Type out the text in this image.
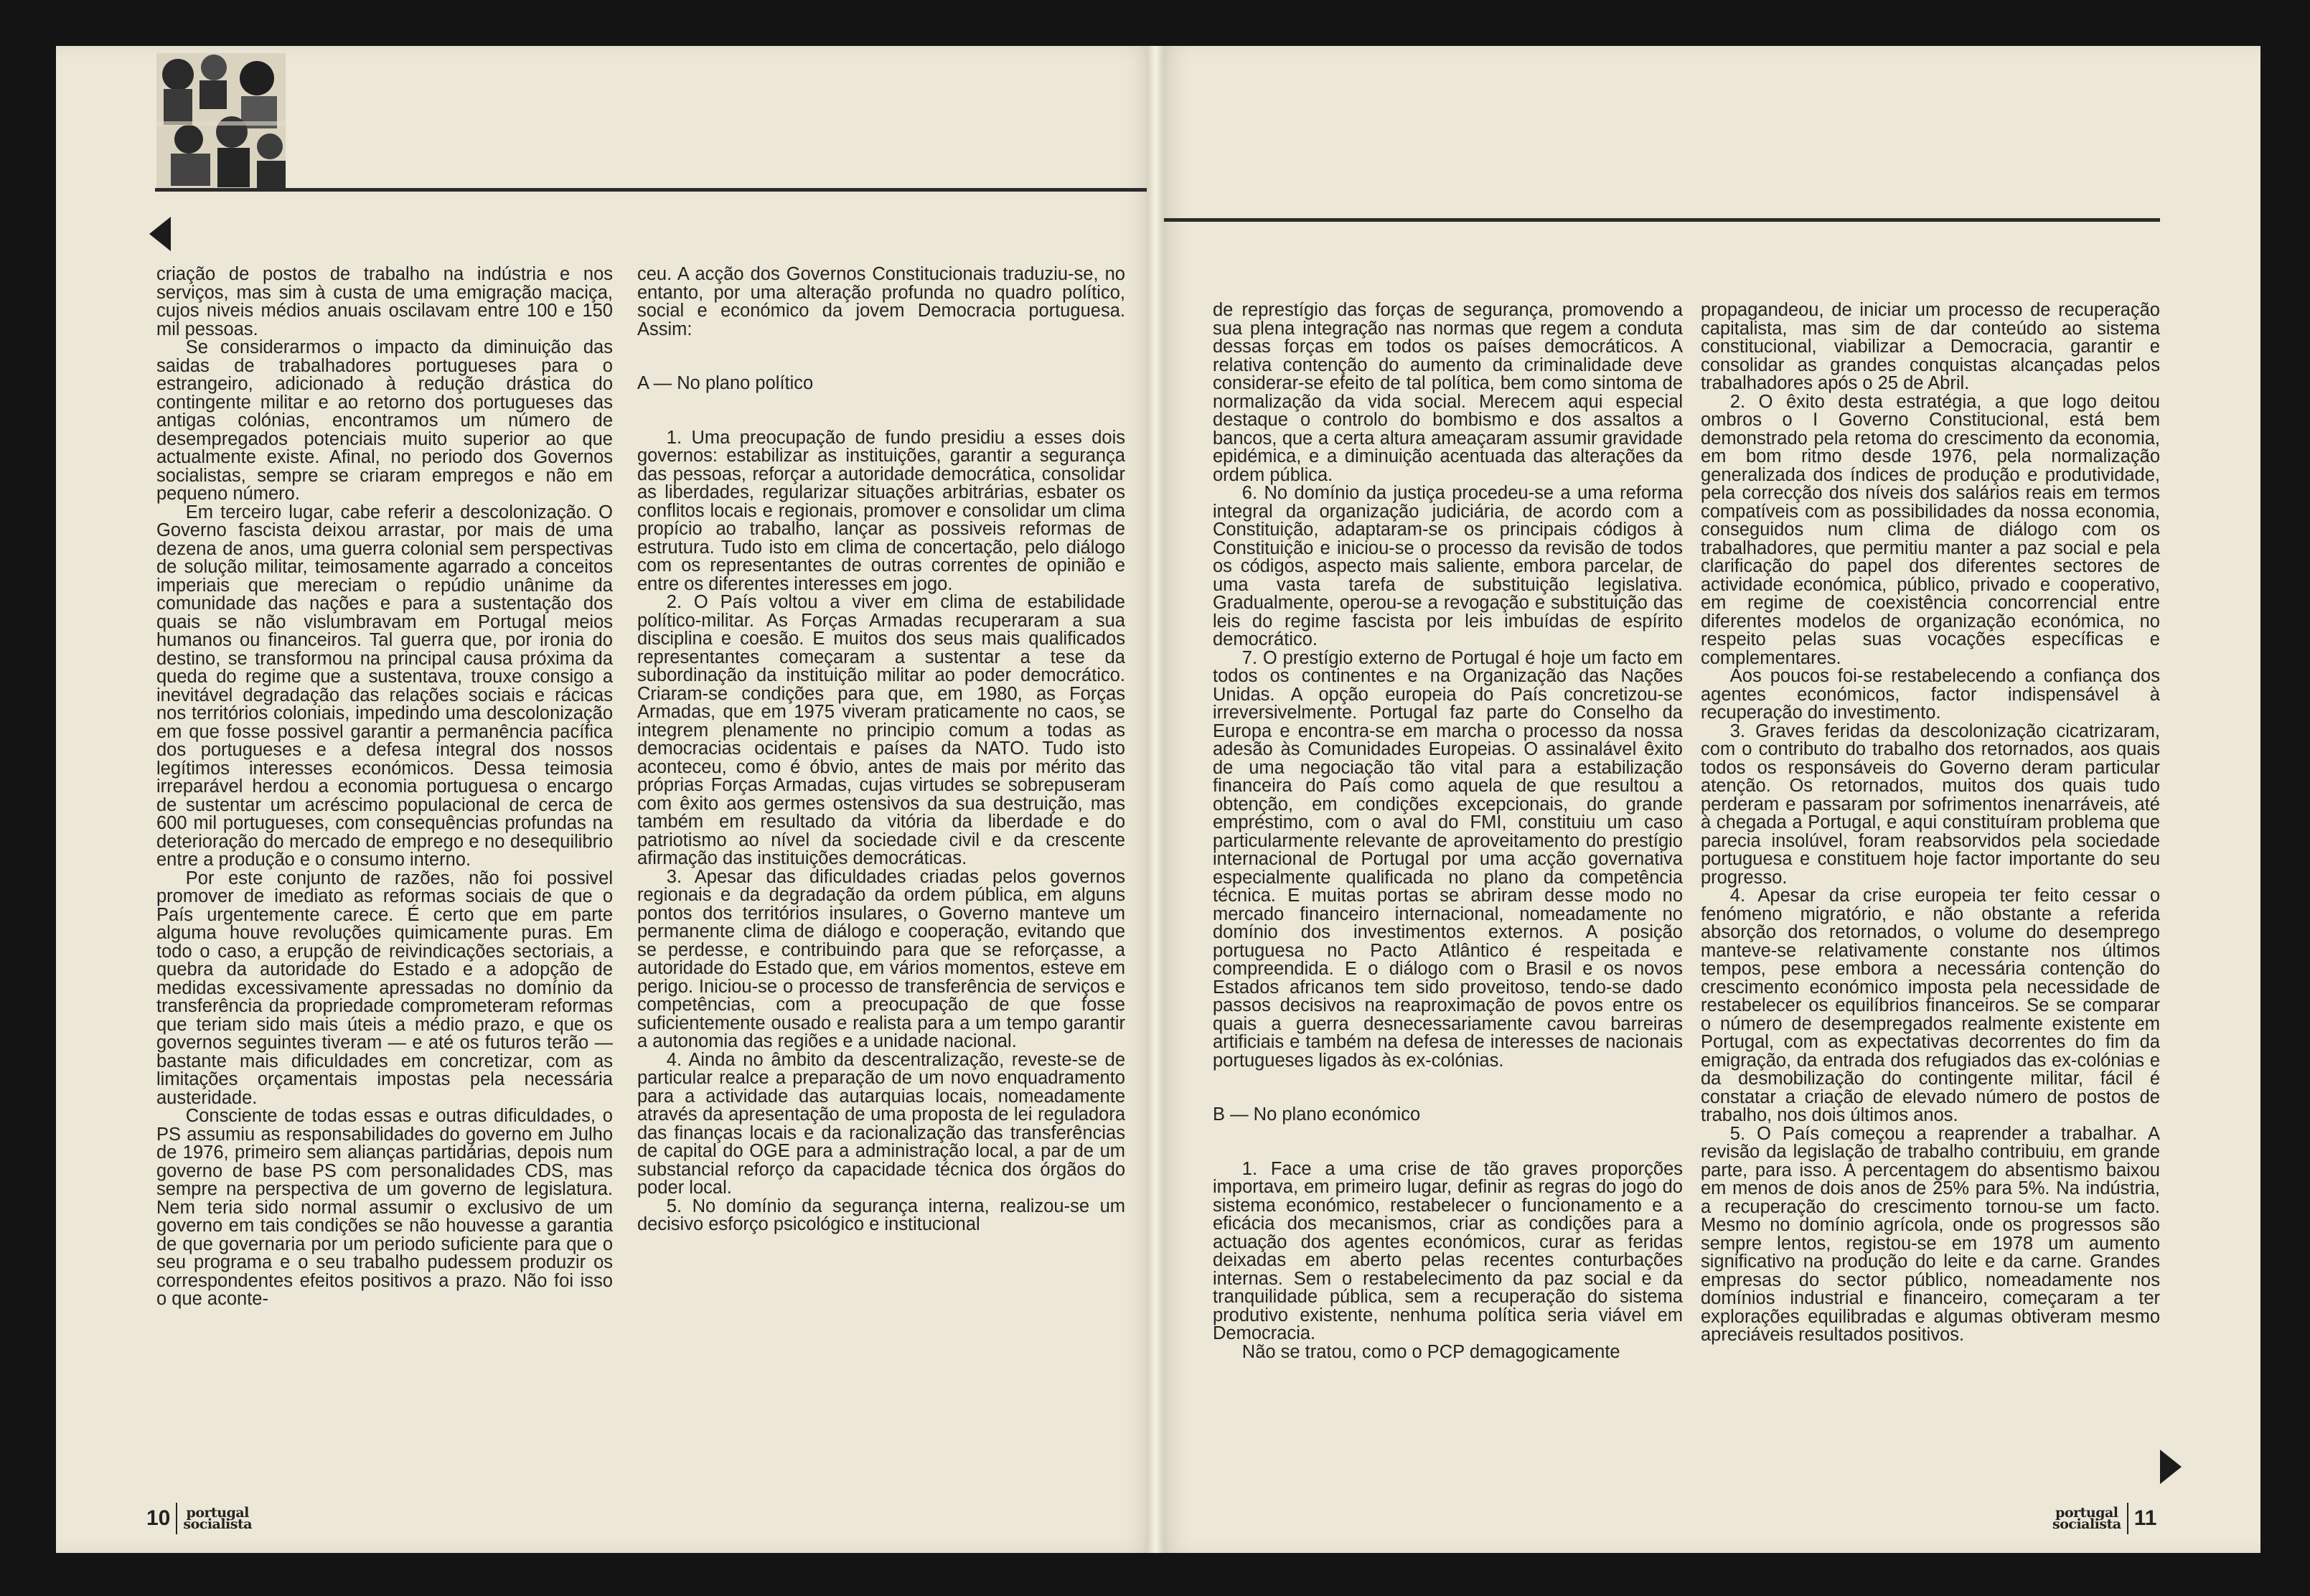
criação de postos de trabalho na indústria e nos serviços, mas sim à custa de uma emigração maciça, cujos niveis médios anuais oscilavam entre 100 e 150 mil pessoas.

Se considerarmos o impacto da diminuição das saidas de trabalhadores portugueses para o estrangeiro, adicionado à redução drástica do contingente militar e ao retorno dos portugueses das antigas colónias, encontramos um número de desempregados potenciais muito superior ao que actualmente existe. Afinal, no periodo dos Governos socialistas, sempre se criaram empregos e não em pequeno número.

Em terceiro lugar, cabe referir a descolonização. O Governo fascista deixou arrastar, por mais de uma dezena de anos, uma guerra colonial sem perspectivas de solução militar, teimosamente agarrado a conceitos imperiais que mereciam o repúdio unânime da comunidade das nações e para a sustentação dos quais se não vislumbravam em Portugal meios humanos ou financeiros. Tal guerra que, por ironia do destino, se transformou na principal causa próxima da queda do regime que a sustentava, trouxe consigo a inevitável degradação das relações sociais e rácicas nos territórios coloniais, impedindo uma descolonização em que fosse possivel garantir a permanência pacífica dos portugueses e a defesa integral dos nossos legítimos interesses económicos. Dessa teimosia irreparável herdou a economia portuguesa o encargo de sustentar um acréscimo populacional de cerca de 600 mil portugueses, com consequências profundas na deterioração do mercado de emprego e no desequilibrio entre a produção e o consumo interno.

Por este conjunto de razões, não foi possivel promover de imediato as reformas sociais de que o País urgentemente carece. É certo que em parte alguma houve revoluções quimicamente puras. Em todo o caso, a erupção de reivindicações sectoriais, a quebra da autoridade do Estado e a adopção de medidas excessivamente apressadas no domínio da transferência da propriedade comprometeram reformas que teriam sido mais úteis a médio prazo, e que os governos seguintes tiveram — e até os futuros terão — bastante mais dificuldades em concretizar, com as limitações orçamentais impostas pela necessária austeridade.

Consciente de todas essas e outras dificuldades, o PS assumiu as responsabilidades do governo em Julho de 1976, primeiro sem alianças partidárias, depois num governo de base PS com personalidades CDS, mas sempre na perspectiva de um governo de legislatura. Nem teria sido normal assumir o exclusivo de um governo em tais condições se não houvesse a garantia de que governaria por um periodo suficiente para que o seu programa e o seu trabalho pudessem produzir os correspondentes efeitos positivos a prazo. Não foi isso o que aconte-

ceu. A acção dos Governos Constitucionais traduziu-se, no entanto, por uma alteração profunda no quadro político, social e económico da jovem Democracia portuguesa. Assim:

A — No plano político

1. Uma preocupação de fundo presidiu a esses dois governos: estabilizar as instituições, garantir a segurança das pessoas, reforçar a autoridade democrática, consolidar as liberdades, regularizar situações arbitrárias, esbater os conflitos locais e regionais, promover e consolidar um clima propício ao trabalho, lançar as possiveis reformas de estrutura. Tudo isto em clima de concertação, pelo diálogo com os representantes de outras correntes de opinião e entre os diferentes interesses em jogo.

2. O País voltou a viver em clima de estabilidade político-militar. As Forças Armadas recuperaram a sua disciplina e coesão. E muitos dos seus mais qualificados representantes começaram a sustentar a tese da subordinação da instituição militar ao poder democrático. Criaram-se condições para que, em 1980, as Forças Armadas, que em 1975 viveram praticamente no caos, se integrem plenamente no principio comum a todas as democracias ocidentais e países da NATO. Tudo isto aconteceu, como é óbvio, antes de mais por mérito das próprias Forças Armadas, cujas virtudes se sobrepuseram com êxito aos germes ostensivos da sua destruição, mas também em resultado da vitória da liberdade e do patriotismo ao nível da sociedade civil e da crescente afirmação das instituições democráticas.

3. Apesar das dificuldades criadas pelos governos regionais e da degradação da ordem pública, em alguns pontos dos territórios insulares, o Governo manteve um permanente clima de diálogo e cooperação, evitando que se perdesse, e contribuindo para que se reforçasse, a autoridade do Estado que, em vários momentos, esteve em perigo. Iniciou-se o processo de transferência de serviços e competências, com a preocupação de que fosse suficientemente ousado e realista para a um tempo garantir a autonomia das regiões e a unidade nacional.

4. Ainda no âmbito da descentralização, reveste-se de particular realce a preparação de um novo enquadramento para a actividade das autarquias locais, nomeadamente através da apresentação de uma proposta de lei reguladora das finanças locais e da racionalização das transferências de capital do OGE para a administração local, a par de um substancial reforço da capacidade técnica dos órgãos do poder local.

5. No domínio da segurança interna, realizou-se um decisivo esforço psicológico e institucional

10 portugal
socialista

de represtígio das forças de segurança, promovendo a sua plena integração nas normas que regem a conduta dessas forças em todos os países democráticos. A relativa contenção do aumento da criminalidade deve considerar-se efeito de tal política, bem como sintoma de normalização da vida social. Merecem aqui especial destaque o controlo do bombismo e dos assaltos a bancos, que a certa altura ameaçaram assumir gravidade epidémica, e a diminuição acentuada das alterações da ordem pública.

6. No domínio da justiça procedeu-se a uma reforma integral da organização judiciária, de acordo com a Constituição, adaptaram-se os principais códigos à Constituição e iniciou-se o processo da revisão de todos os códigos, aspecto mais saliente, embora parcelar, de uma vasta tarefa de substituição legislativa. Gradualmente, operou-se a revogação e substituição das leis do regime fascista por leis imbuídas de espírito democrático.

7. O prestígio externo de Portugal é hoje um facto em todos os continentes e na Organização das Nações Unidas. A opção europeia do País concretizou-se irreversivelmente. Portugal faz parte do Conselho da Europa e encontra-se em marcha o processo da nossa adesão às Comunidades Europeias. O assinalável êxito de uma negociação tão vital para a estabilização financeira do País como aquela de que resultou a obtenção, em condições excepcionais, do grande empréstimo, com o aval do FMI, constituiu um caso particularmente relevante de aproveitamento do prestígio internacional de Portugal por uma acção governativa especialmente qualificada no plano da competência técnica. E muitas portas se abriram desse modo no mercado financeiro internacional, nomeadamente no domínio dos investimentos externos. A posição portuguesa no Pacto Atlântico é respeitada e compreendida. E o diálogo com o Brasil e os novos Estados africanos tem sido proveitoso, tendo-se dado passos decisivos na reaproximação de povos entre os quais a guerra desnecessariamente cavou barreiras artificiais e também na defesa de interesses de nacionais portugueses ligados às ex-colónias.

B — No plano económico

1. Face a uma crise de tão graves proporções importava, em primeiro lugar, definir as regras do jogo do sistema económico, restabelecer o funcionamento e a eficácia dos mecanismos, criar as condições para a actuação dos agentes económicos, curar as feridas deixadas em aberto pelas recentes conturbações internas. Sem o restabelecimento da paz social e da tranquilidade pública, sem a recuperação do sistema produtivo existente, nenhuma política seria viável em Democracia.

Não se tratou, como o PCP demagogicamente

propagandeou, de iniciar um processo de recuperação capitalista, mas sim de dar conteúdo ao sistema constitucional, viabilizar a Democracia, garantir e consolidar as grandes conquistas alcançadas pelos trabalhadores após o 25 de Abril.

2. O êxito desta estratégia, a que logo deitou ombros o I Governo Constitucional, está bem demonstrado pela retoma do crescimento da economia, em bom ritmo desde 1976, pela normalização generalizada dos índices de produção e produtividade, pela correcção dos níveis dos salários reais em termos compatíveis com as possibilidades da nossa economia, conseguidos num clima de diálogo com os trabalhadores, que permitiu manter a paz social e pela clarificação do papel dos diferentes sectores de actividade económica, público, privado e cooperativo, em regime de coexistência concorrencial entre diferentes modelos de organização económica, no respeito pelas suas vocações específicas e complementares.

Aos poucos foi-se restabelecendo a confiança dos agentes económicos, factor indispensável à recuperação do investimento.

3. Graves feridas da descolonização cicatrizaram, com o contributo do trabalho dos retornados, aos quais todos os responsáveis do Governo deram particular atenção. Os retornados, muitos dos quais tudo perderam e passaram por sofrimentos inenarráveis, até à chegada a Portugal, e aqui constituíram problema que parecia insolúvel, foram reabsorvidos pela sociedade portuguesa e constituem hoje factor importante do seu progresso.

4. Apesar da crise europeia ter feito cessar o fenómeno migratório, e não obstante a referida absorção dos retornados, o volume do desemprego manteve-se relativamente constante nos últimos tempos, pese embora a necessária contenção do crescimento económico imposta pela necessidade de restabelecer os equilíbrios financeiros. Se se comparar o número de desempregados realmente existente em Portugal, com as expectativas decorrentes do fim da emigração, da entrada dos refugiados das ex-colónias e da desmobilização do contingente militar, fácil é constatar a criação de elevado número de postos de trabalho, nos dois últimos anos.

5. O País começou a reaprender a trabalhar. A revisão da legislação de trabalho contribuiu, em grande parte, para isso. A percentagem do absentismo baixou em menos de dois anos de 25% para 5%. Na indústria, a recuperação do crescimento tornou-se um facto. Mesmo no domínio agrícola, onde os progressos são sempre lentos, registou-se em 1978 um aumento significativo na produção do leite e da carne. Grandes empresas do sector público, nomeadamente nos domínios industrial e financeiro, começaram a ter explorações equilibradas e algumas obtiveram mesmo apreciáveis resultados positivos.

portugal
socialista 11
